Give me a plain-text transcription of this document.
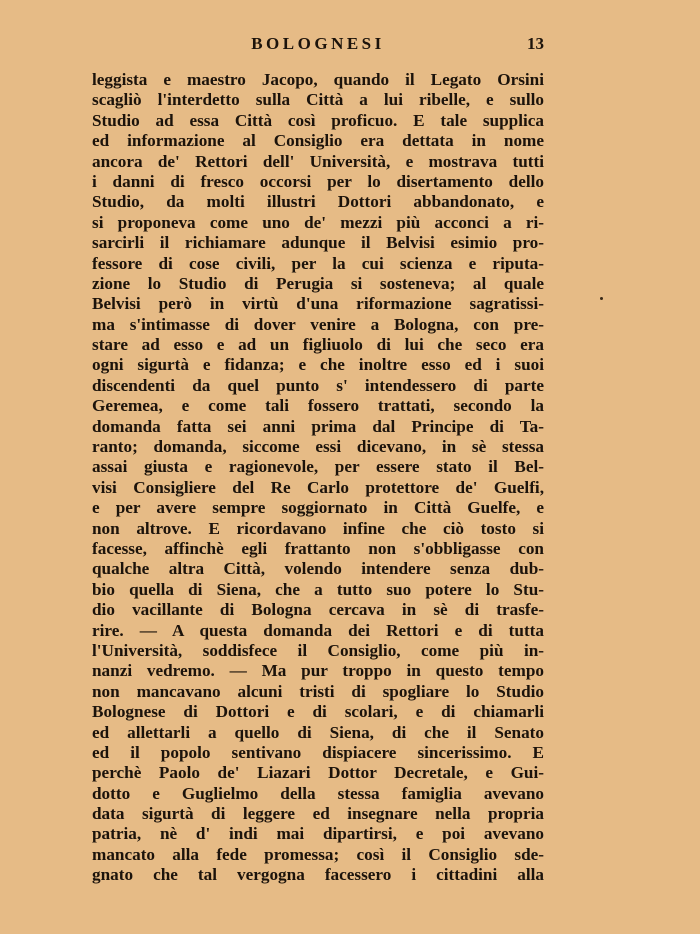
BOLOGNESI	13
leggista e maestro Jacopo, quando il Legato Orsini
scagliò l'interdetto sulla Città a lui ribelle, e sullo
Studio ad essa Città così proficuo. E tale supplica
ed informazione al Consiglio era dettata in nome
ancora de' Rettori dell' Università, e mostrava tutti
i danni di fresco occorsi per lo disertamento dello
Studio, da molti illustri Dottori abbandonato, e
si proponeva come uno de' mezzi più acconci a ri-
sarcirli il richiamare adunque il Belvisi esimio pro-
fessore di cose civili, per la cui scienza e riputa-
zione lo Studio di Perugia si sosteneva; al quale
Belvisi però in virtù d'una riformazione sagratissi-
ma s'intimasse di dover venire a Bologna, con pre-
stare ad esso e ad un figliuolo di lui che seco era
ogni sigurtà e fidanza; e che inoltre esso ed i suoi
discendenti da quel punto s' intendessero di parte
Geremea, e come tali fossero trattati, secondo la
domanda fatta sei anni prima dal Principe di Ta-
ranto; domanda, siccome essi dicevano, in sè stessa
assai giusta e ragionevole, per essere stato il Bel-
visi Consigliere del Re Carlo protettore de' Guelfi,
e per avere sempre soggiornato in Città Guelfe, e
non altrove. E ricordavano infine che ciò tosto si
facesse, affinchè egli frattanto non s'obbligasse con
qualche altra Città, volendo intendere senza dub-
bio quella di Siena, che a tutto suo potere lo Stu-
dio vacillante di Bologna cercava in sè di trasfe-
rire. — A questa domanda dei Rettori e di tutta
l'Università, soddisfece il Consiglio, come più in-
nanzi vedremo. — Ma pur troppo in questo tempo
non mancavano alcuni tristi di spogliare lo Studio
Bolognese di Dottori e di scolari, e di chiamarli
ed allettarli a quello di Siena, di che il Senato
ed il popolo sentivano dispiacere sincerissimo. E
perchè Paolo de' Liazari Dottor Decretale, e Gui-
dotto e Guglielmo della stessa famiglia avevano
data sigurtà di leggere ed insegnare nella propria
patria, nè d' indi mai dipartirsi, e poi avevano
mancato alla fede promessa; così il Consiglio sde-
gnato che tal vergogna facessero i cittadini alla
